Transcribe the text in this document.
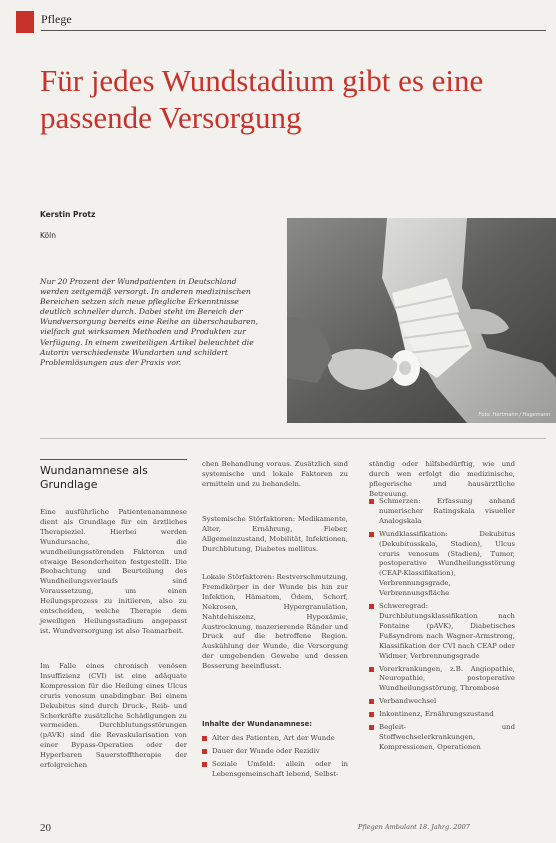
Pflege
Für jedes Wundstadium gibt es eine passende Versorgung
Kerstin Protz
Köln
Nur 20 Prozent der Wundpatienten in Deutschland werden zeitgemäß versorgt. In anderen medizinischen Bereichen setzen sich neue pflegliche Erkenntnisse deutlich schneller durch. Dabei steht im Bereich der Wundversorgung bereits eine Reihe an überschaubaren, vielfach gut wirksamen Methoden und Produkten zur Verfügung. In einem zweiteiligen Artikel beleuchtet die Autorin verschiedenste Wundarten und schildert Problemlösungen aus der Praxis vor.
Foto: Hartmann / Hagemann
Wundanamnese als Grundlage
Eine ausführliche Patientenanamnese dient als Grundlage für ein ärztliches Therapieziel. Hierbei werden Wundursache, die wundheilungsstörenden Faktoren und etwaige Besonderheiten festgestellt. Die Beobachtung und Beurteilung des Wundheilungsverlaufs sind Voraussetzung, um einen Heilungsprozess zu initiieren, also zu entscheiden, welche Therapie dem jeweiligen Heilungsstadium angepasst ist. Wundversorgung ist also Teamarbeit.
Im Falle eines chronisch venösen Insuffizienz (CVI) ist eine adäquate Kompression für die Heilung eines Ulcus cruris venosum unabdingbar. Bei einem Dekubitus sind durch Druck-, Reib- und Scherkräfte zusätzliche Schädigungen zu vermeiden. Durchblutungsstörungen (pAVK) sind die Revaskularisation von einer Bypass-Operation oder der Hyperbaren Sauerstofftherapie der erfolgreichen
chen Behandlung voraus. Zusätzlich sind systemische und lokale Faktoren zu ermitteln und zu behandeln.
Systemische Störfaktoren: Medikamente, Alter, Ernährung, Fieber, Allgemeinzustand, Mobilität, Infektionen, Durchblutung, Diabetes mellitus.
Lokale Störfaktoren: Restverschmutzung, Fremdkörper in der Wunde bis hin zur Infektion, Hämatom, Ödem, Schorf, Nekrosen, Hypergranulation, Nahtdehiszenz, Hypoxämie, Austrocknung, mazerierende Ränder und Druck auf die betroffene Region. Auskühlung der Wunde, die Versorgung der umgebenden Gewebe und dessen Besserung beeinflusst.
Inhalte der Wundanamnese:
Alter des Patienten, Art der Wunde
Dauer der Wunde oder Rezidiv
Soziale Umfeld: allein oder in Lebensgemeinschaft lebend, Selbst-
ständig oder hilfsbedürftig, wie und durch wen erfolgt die medizinische, pflegerische und hausärztliche Betreuung.
Schmerzen: Erfassung anhand numerischer Ratingskala visueller Analogskala
Wundklassifikation: Dekubitus (Dekubitusskala, Stadien), Ulcus cruris venosum (Stadien), Tumor, postoperative Wundheilungsstörung (CEAP-Klassifikation), Verbrennungsgrade, Verbrennungsfläche
Schweregrad: Durchblutungsklassifikation nach Fontaine (pAVK), Diabetisches Fußsyndrom nach Wagner-Armstrong, Klassifikation der CVI nach CEAP oder Widmer, Verbrennungsgrade
Vorerkrankungen, z.B. Angiopathie, Neuropathie, postoperative Wundheilungsstörung, Thrombose
Verbandwechsel
Inkontinenz, Ernährungszustand
Begleit- und Stoffwechselerkrankungen, Kompressionen, Operationen
20	Pflegen Ambulant 18. Jahrg. 2007
